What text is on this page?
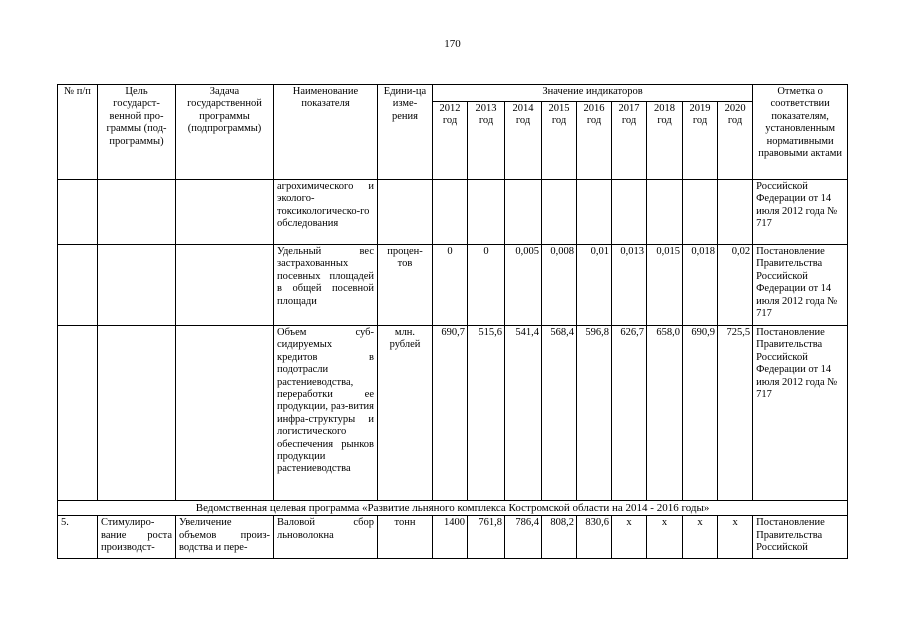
170
№ п/п	Цель государст-венной про-граммы (под-программы)	Задача государственной программы (подпрограммы)	Наименование показателя	Едини-ца изме-рения	Значение индикаторов									Отметка о соответствии показателям, установленным нормативными правовыми актами
					2012 год	2013 год	2014 год	2015 год	2016 год	2017 год	2018 год	2019 год	2020 год	
			агрохимического и эколого-токсикологическо-го обследования											Российской Федерации от 14 июля 2012 года № 717
			Удельный вес застрахованных посевных площадей в общей посевной площади	процен-тов	0	0	0,005	0,008	0,01	0,013	0,015	0,018	0,02	Постановление Правительства Российской Федерации от 14 июля 2012 года № 717
			Объем суб-сидируемых кредитов в подотрасли растениеводства, переработки ее продукции, раз-вития инфра-структуры и логистического обеспечения рынков продукции растениеводства	млн. рублей	690,7	515,6	541,4	568,4	596,8	626,7	658,0	690,9	725,5	Постановление Правительства Российской Федерации от 14 июля 2012 года № 717
Ведомственная целевая программа «Развитие льняного комплекса Костромской области на 2014 - 2016 годы»														
5.	Стимулиро-вание роста производст-	Увеличение объемов произ-водства и пере-	Валовой сбор льноволокна	тонн	1400	761,8	786,4	808,2	830,6	х	х	х	х	Постановление Правительства Российской
